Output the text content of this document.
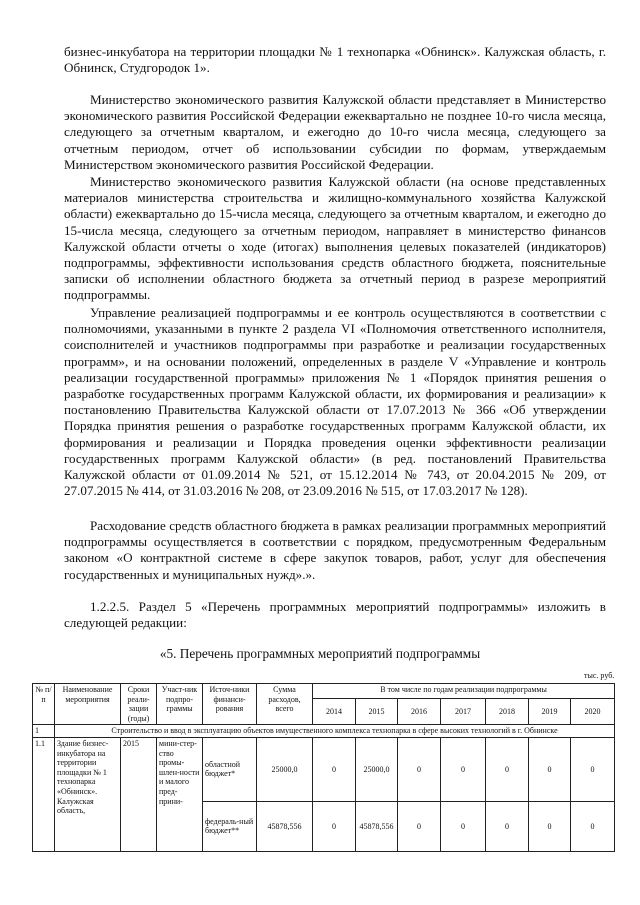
бизнес-инкубатора на территории площадки № 1 технопарка «Обнинск». Калужская область, г. Обнинск, Студгородок 1».
Министерство экономического развития Калужской области представляет в Министерство экономического развития Российской Федерации ежеквартально не позднее 10-го числа месяца, следующего за отчетным кварталом, и ежегодно до 10-го числа месяца, следующего за отчетным периодом, отчет об использовании субсидии по формам, утверждаемым Министерством экономического развития Российской Федерации.
Министерство экономического развития Калужской области (на основе представленных материалов министерства строительства и жилищно-коммунального хозяйства Калужской области) ежеквартально до 15-числа месяца, следующего за отчетным кварталом, и ежегодно до 15-числа месяца, следующего за отчетным периодом, направляет в министерство финансов Калужской области отчеты о ходе (итогах) выполнения целевых показателей (индикаторов) подпрограммы, эффективности использования средств областного бюджета, пояснительные записки об исполнении областного бюджета за отчетный период в разрезе мероприятий подпрограммы.
Управление реализацией подпрограммы и ее контроль осуществляются в соответствии с полномочиями, указанными в пункте 2 раздела VI «Полномочия ответственного исполнителя, соисполнителей и участников подпрограммы при разработке и реализации государственных программ», и на основании положений, определенных в разделе V «Управление и контроль реализации государственной программы» приложения № 1 «Порядок принятия решения о разработке государственных программ Калужской области, их формирования и реализации» к постановлению Правительства Калужской области от 17.07.2013 № 366 «Об утверждении Порядка принятия решения о разработке государственных программ Калужской области, их формирования и реализации и Порядка проведения оценки эффективности реализации государственных программ Калужской области» (в ред. постановлений Правительства Калужской области от 01.09.2014 № 521, от 15.12.2014 № 743, от 20.04.2015 № 209, от 27.07.2015 № 414, от 31.03.2016 № 208, от 23.09.2016 № 515, от 17.03.2017 № 128).
Расходование средств областного бюджета в рамках реализации программных мероприятий подпрограммы осуществляется в соответствии с порядком, предусмотренным Федеральным законом «О контрактной системе в сфере закупок товаров, работ, услуг для обеспечения государственных и муниципальных нужд».».
1.2.2.5. Раздел 5 «Перечень программных мероприятий подпрограммы» изложить в следующей редакции:
«5. Перечень программных мероприятий подпрограммы
тыс. руб.
№ п/п	Наименование мероприятия	Сроки реали-зации (годы)	Участ-ник подпро-граммы	Источ-ники финанси-рования	Сумма расходов, всего	В том числе по годам реализации подпрограммы						
						2014	2015	2016	2017	2018	2019	2020
1	Строительство и ввод в эксплуатацию объектов имущественного комплекса технопарка в сфере высоких технологий в г. Обнинске											
1.1	Здание бизнес-инкубатора на территории площадки № 1 технопарка «Обнинск». Калужская область,	2015	мини-стер-ство промы-шлен-ности и малого пред-прини-	областной бюджет*	25000,0	0	25000,0	0	0	0	0	0
				федераль-ный бюджет**	45878,556	0	45878,556	0	0	0	0	0
